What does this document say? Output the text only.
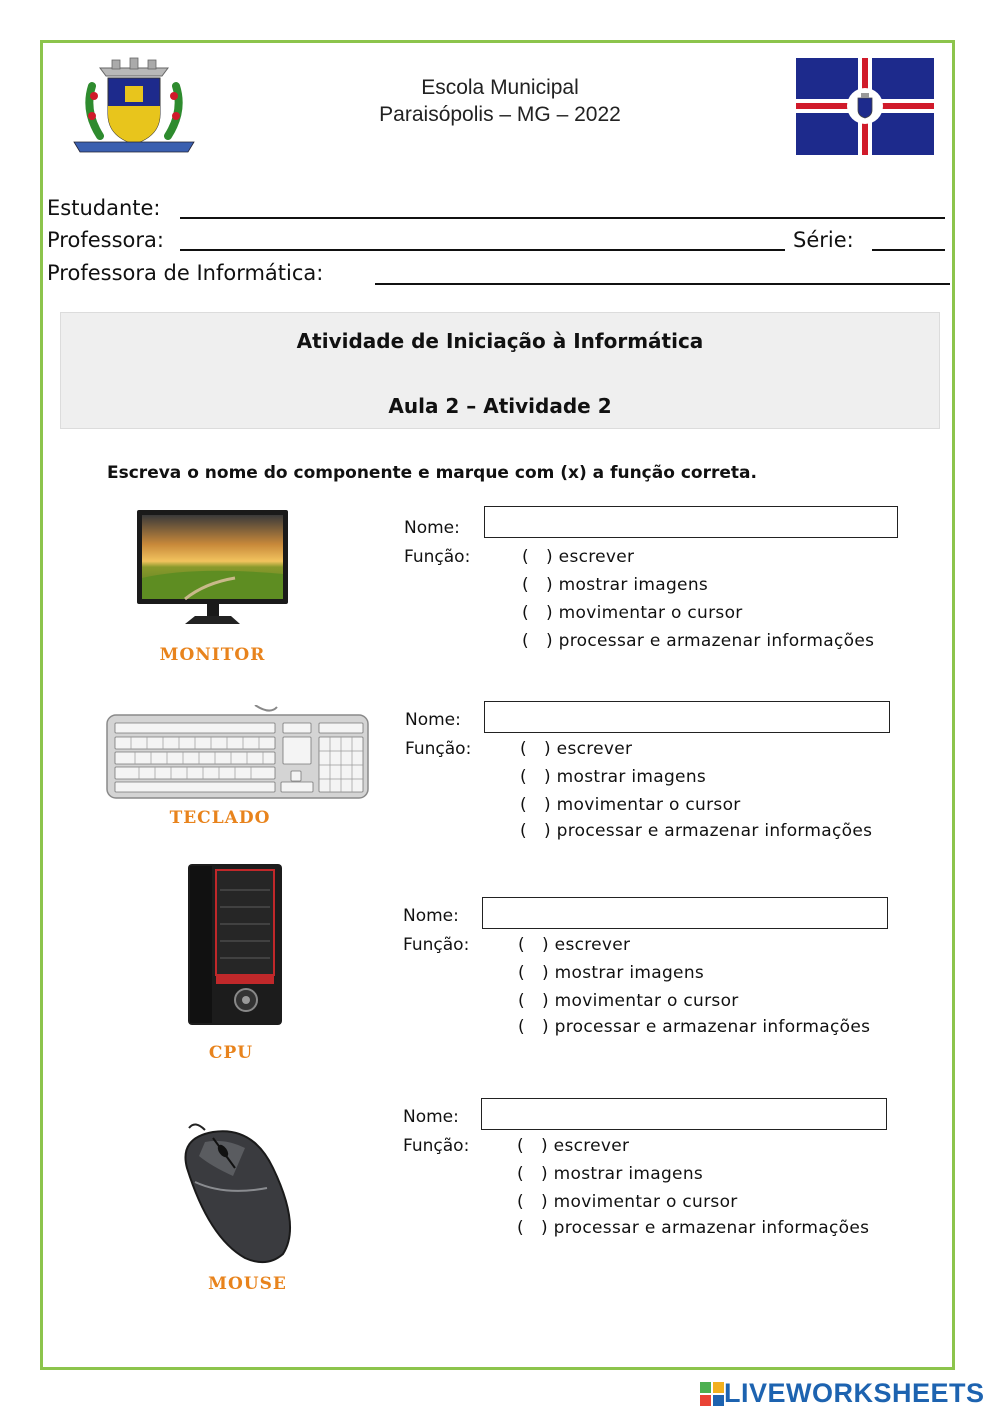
Escola Municipal
Paraisópolis – MG – 2022
Estudante:
Professora:	Série:
Professora de Informática:
Atividade de Iniciação à Informática
Aula 2 – Atividade 2
Escreva o nome do componente e marque com (x) a função correta.
MONITOR
Nome:
Função:	(   ) escrever
(   ) mostrar imagens
(   ) movimentar o cursor
(   ) processar e armazenar informações
TECLADO
Nome:
Função:	(   ) escrever
(   ) mostrar imagens
(   ) movimentar o cursor
(   ) processar e armazenar informações
CPU
Nome:
Função:	(   ) escrever
(   ) mostrar imagens
(   ) movimentar o cursor
(   ) processar e armazenar informações
MOUSE
Nome:
Função:	(   ) escrever
(   ) mostrar imagens
(   ) movimentar o cursor
(   ) processar e armazenar informações
LIVEWORKSHEETS
